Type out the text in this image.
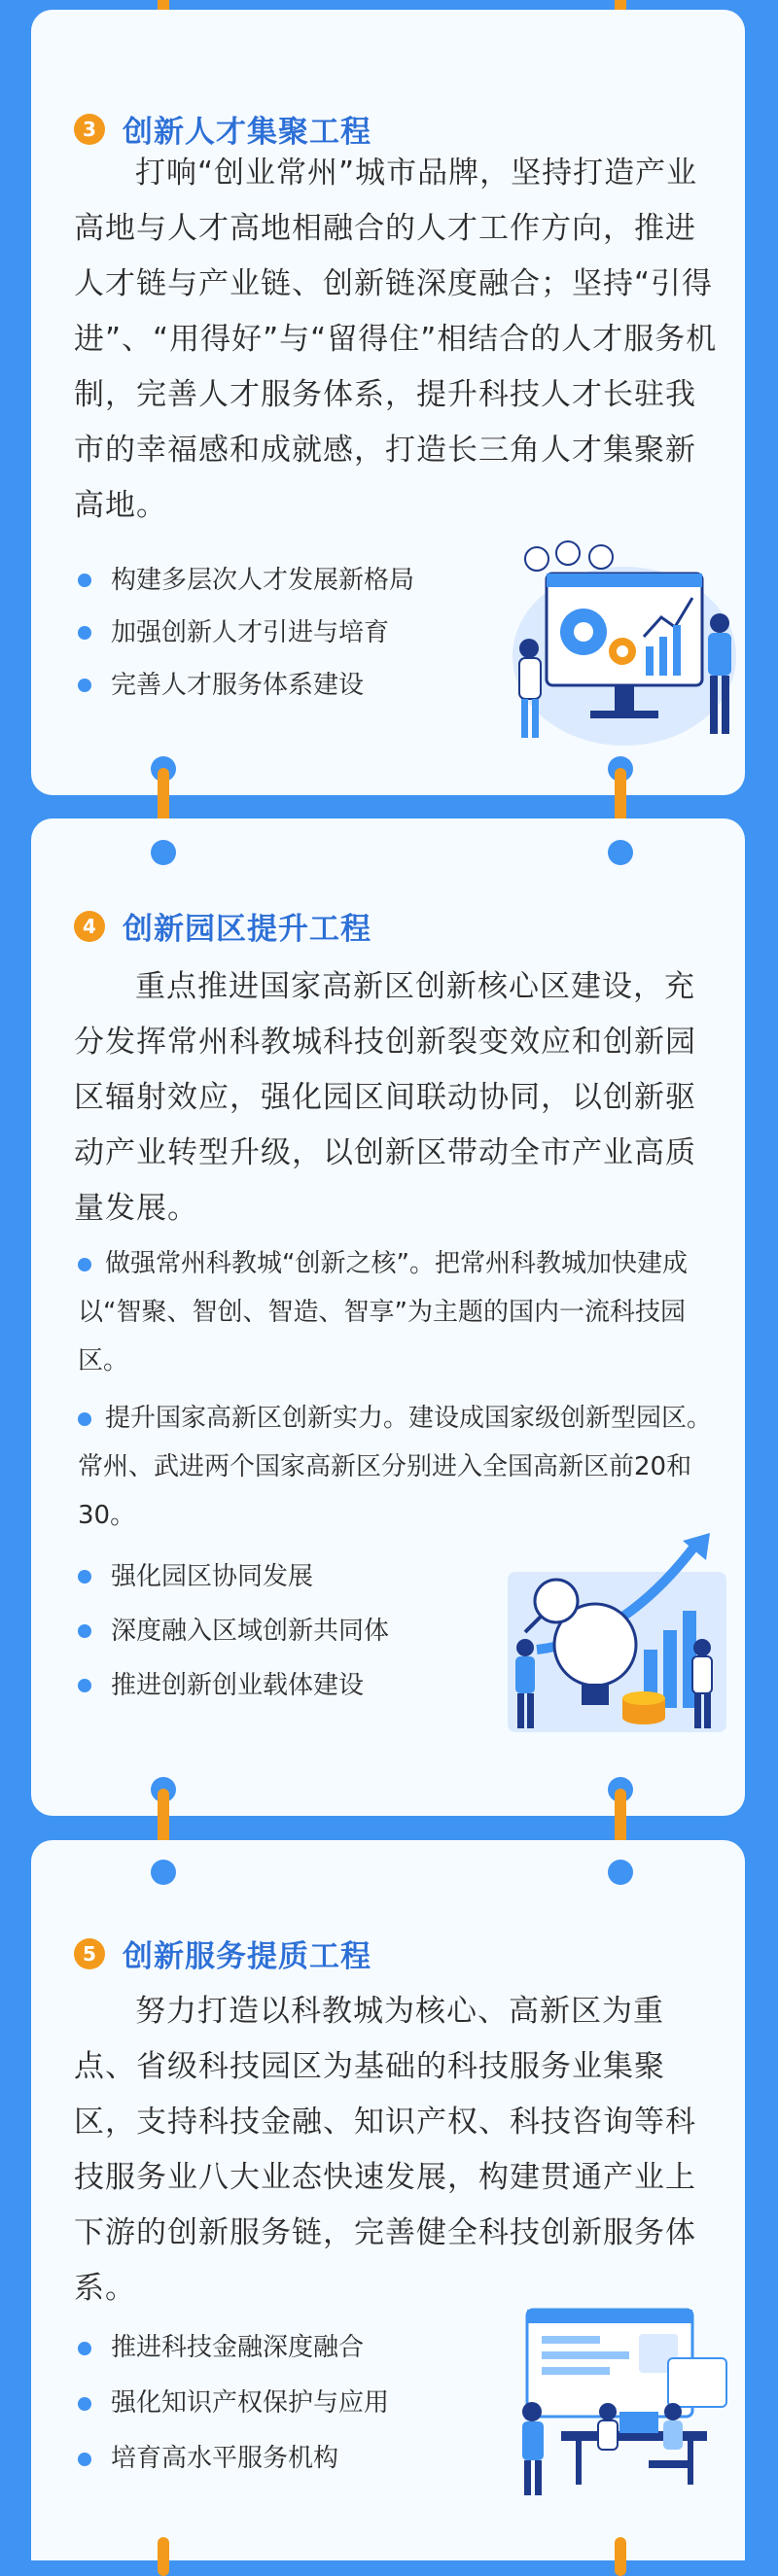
3 创新人才集聚工程

打响“创业常州”城市品牌，坚持打造产业高地与人才高地相融合的人才工作方向，推进人才链与产业链、创新链深度融合；坚持“引得进”、“用得好”与“留得住”相结合的人才服务机制，完善人才服务体系，提升科技人才长驻我市的幸福感和成就感，打造长三角人才集聚新高地。

构建多层次人才发展新格局
加强创新人才引进与培育
完善人才服务体系建设
4 创新园区提升工程

重点推进国家高新区创新核心区建设，充分发挥常州科教城科技创新裂变效应和创新园区辐射效应，强化园区间联动协同，以创新驱动产业转型升级，以创新区带动全市产业高质量发展。

做强常州科教城“创新之核”。把常州科教城加快建成以“智聚、智创、智造、智享”为主题的国内一流科技园区。

提升国家高新区创新实力。建设成国家级创新型园区。常州、武进两个国家高新区分别进入全国高新区前20和30。

强化园区协同发展
深度融入区域创新共同体
推进创新创业载体建设
5 创新服务提质工程

努力打造以科教城为核心、高新区为重点、省级科技园区为基础的科技服务业集聚区，支持科技金融、知识产权、科技咨询等科技服务业八大业态快速发展，构建贯通产业上下游的创新服务链，完善健全科技创新服务体系。

推进科技金融深度融合
强化知识产权保护与应用
培育高水平服务机构
